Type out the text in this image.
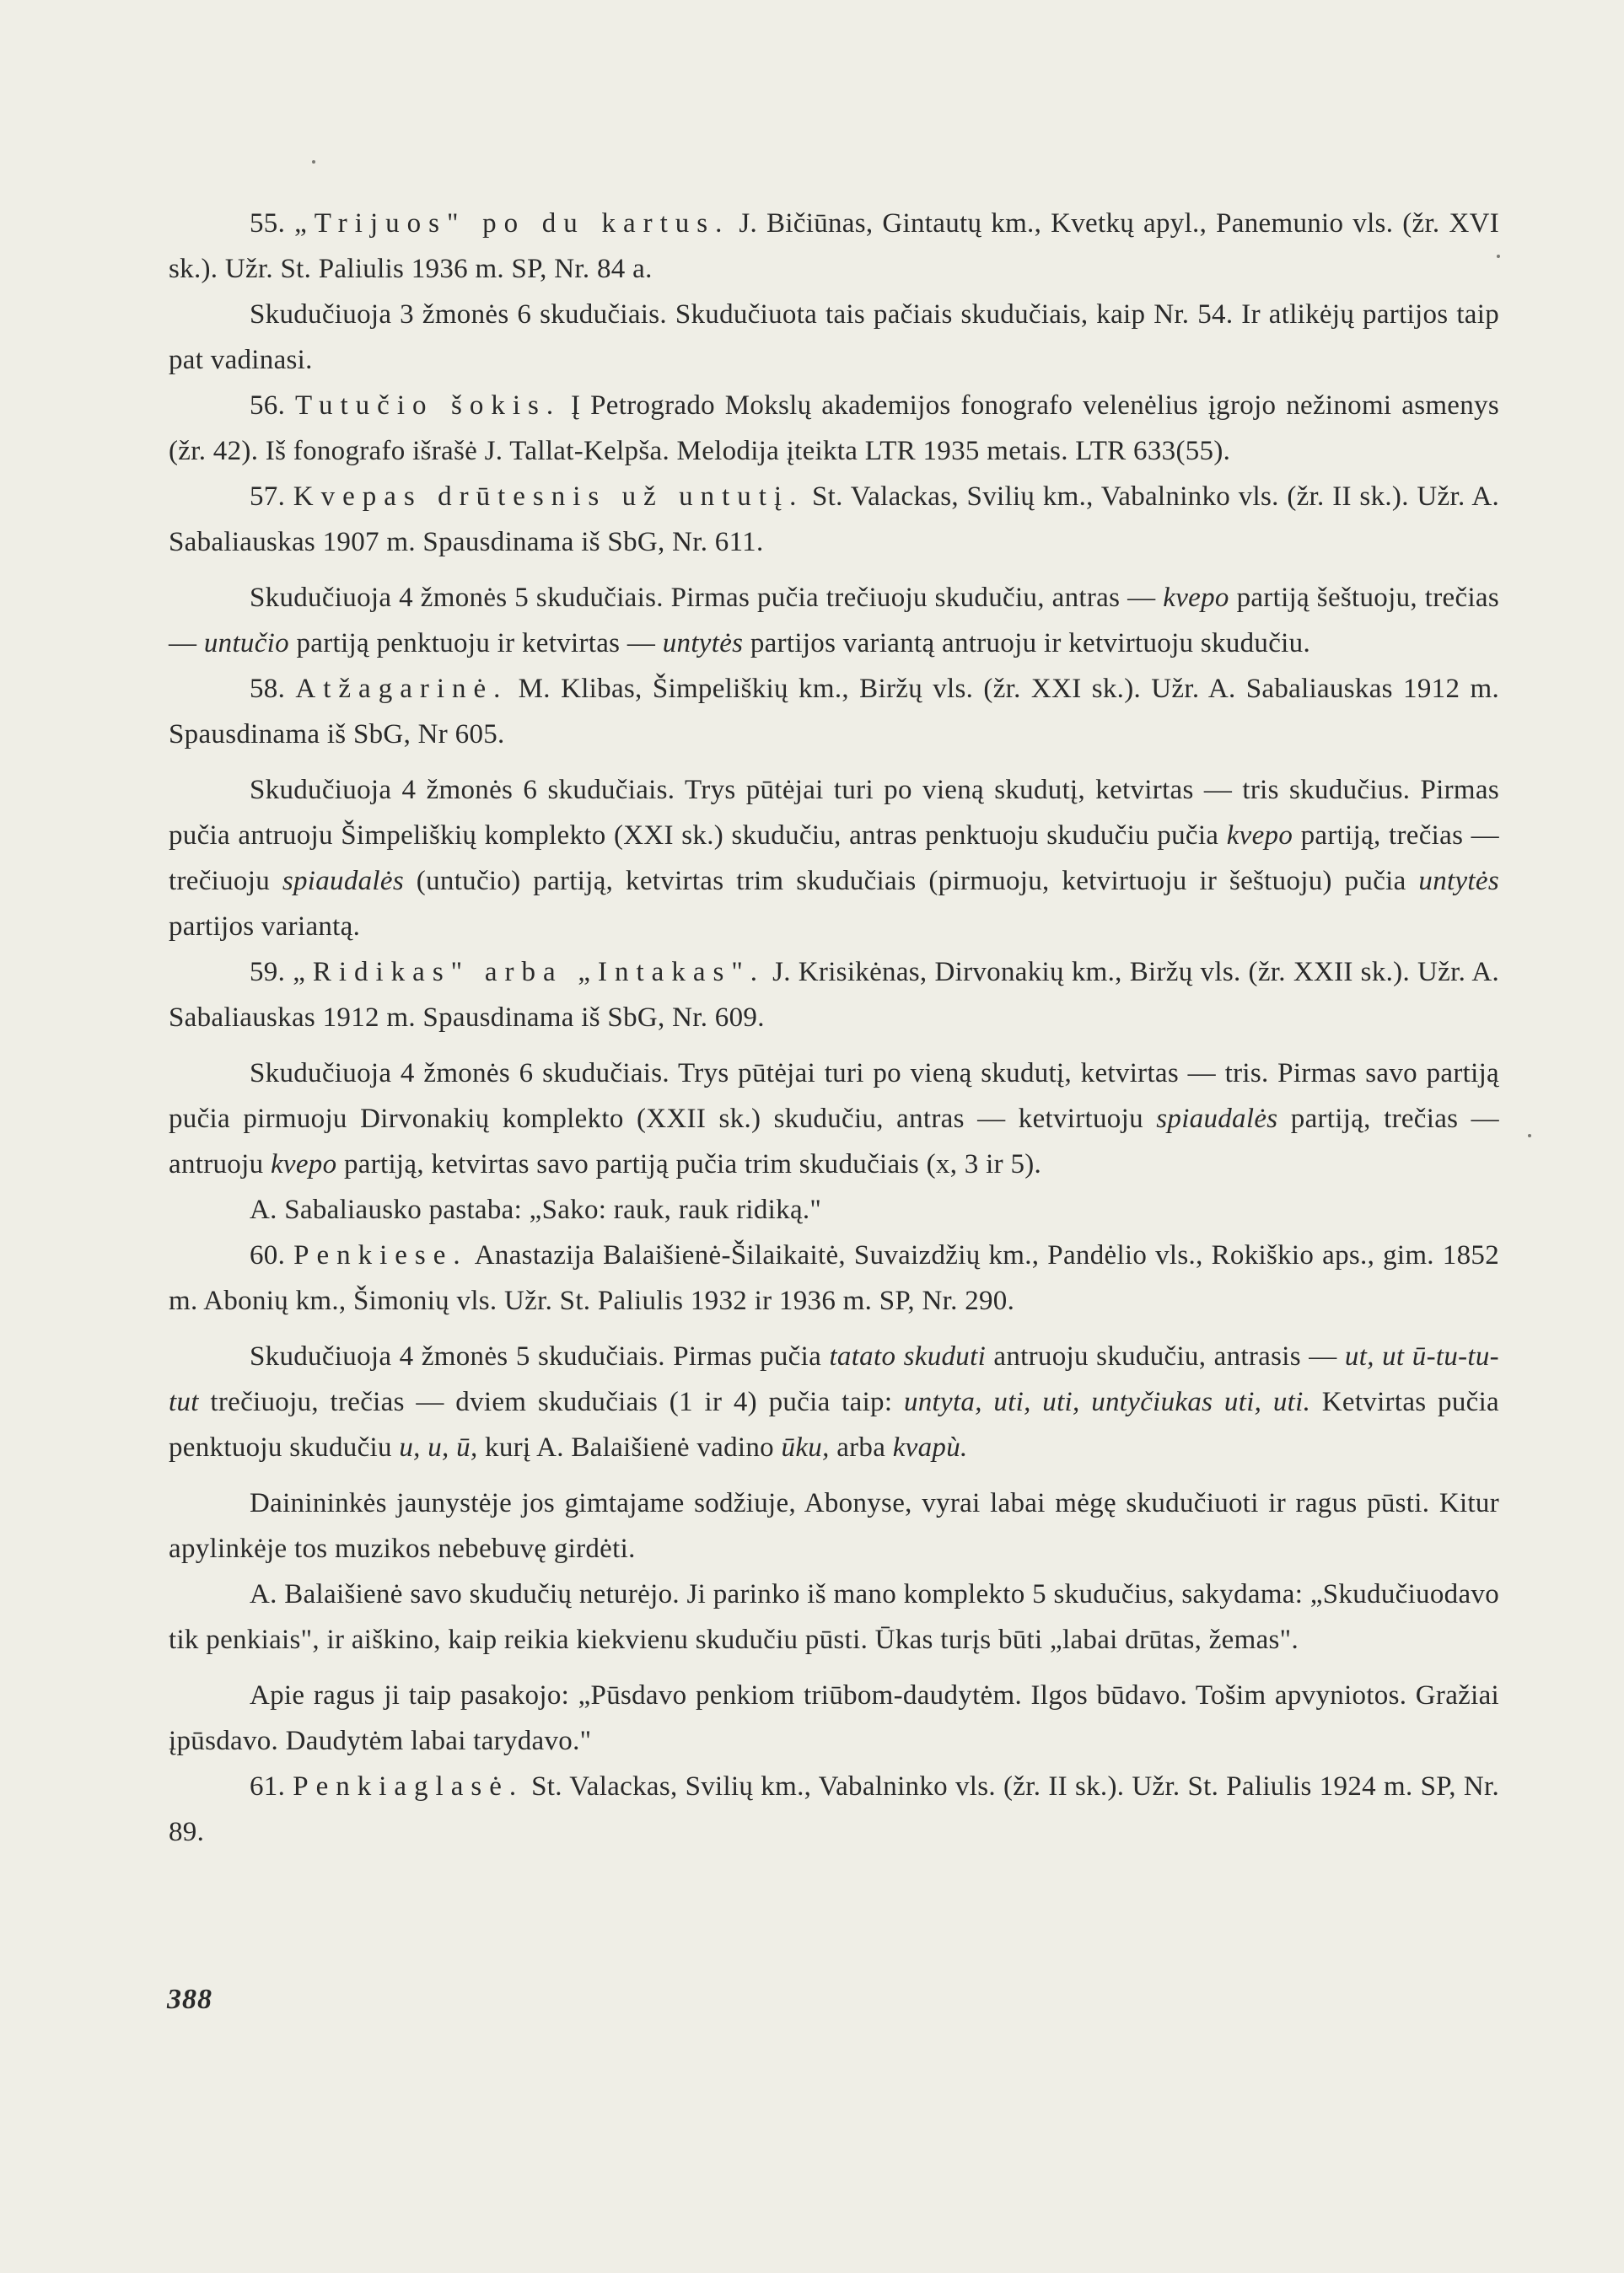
55. „Trijuos" po du kartus. J. Bičiūnas, Gintautų km., Kvetkų apyl., Panemunio vls. (žr. XVI sk.). Užr. St. Paliulis 1936 m. SP, Nr. 84 a.

Skudučiuoja 3 žmonės 6 skudučiais. Skudučiuota tais pačiais skudučiais, kaip Nr. 54. Ir atlikėjų partijos taip pat vadinasi.

56. Tutučio šokis. Į Petrogrado Mokslų akademijos fonografo velenėlius įgrojo nežinomi asmenys (žr. 42). Iš fonografo išrašė J. Tallat-Kelpša. Melodija įteikta LTR 1935 metais. LTR 633(55).

57. Kvepas drūtesnis už untutį. St. Valackas, Svilių km., Vabalninko vls. (žr. II sk.). Užr. A. Sabaliauskas 1907 m. Spausdinama iš SbG, Nr. 611.

Skudučiuoja 4 žmonės 5 skudučiais. Pirmas pučia trečiuoju skudučiu, antras — kvepo partiją šeštuoju, trečias — untučio partiją penktuoju ir ketvirtas — untytės partijos variantą antruoju ir ketvirtuoju skudučiu.

58. Atžagarinė. M. Klibas, Šimpeliškių km., Biržų vls. (žr. XXI sk.). Užr. A. Sabaliauskas 1912 m. Spausdinama iš SbG, Nr 605.

Skudučiuoja 4 žmonės 6 skudučiais. Trys pūtėjai turi po vieną skudutį, ketvirtas — tris skudučius. Pirmas pučia antruoju Šimpeliškių komplekto (XXI sk.) skudučiu, antras penktuoju skudučiu pučia kvepo partiją, trečias — trečiuoju spiaudalės (untučio) partiją, ketvirtas trim skudučiais (pirmuoju, ketvirtuoju ir šeštuoju) pučia untytės partijos variantą.

59. „Ridikas" arba „Intakas". J. Krisikėnas, Dirvonakių km., Biržų vls. (žr. XXII sk.). Užr. A. Sabaliauskas 1912 m. Spausdinama iš SbG, Nr. 609.

Skudučiuoja 4 žmonės 6 skudučiais. Trys pūtėjai turi po vieną skudutį, ketvirtas — tris. Pirmas savo partiją pučia pirmuoju Dirvonakių komplekto (XXII sk.) skudučiu, antras — ketvirtuoju spiaudalės partiją, trečias — antruoju kvepo partiją, ketvirtas savo partiją pučia trim skudučiais (x, 3 ir 5).

A. Sabaliausko pastaba: „Sako: rauk, rauk ridiką."

60. Penkiese. Anastazija Balaišienė-Šilaikaitė, Suvaizdžių km., Pandėlio vls., Rokiškio aps., gim. 1852 m. Abonių km., Šimonių vls. Užr. St. Paliulis 1932 ir 1936 m. SP, Nr. 290.

Skudučiuoja 4 žmonės 5 skudučiais. Pirmas pučia tatato skuduti antruoju skudučiu, antrasis — ut, ut ū-tu-tu-tut trečiuoju, trečias — dviem skudučiais (1 ir 4) pučia taip: untyta, uti, uti, untyčiukas uti, uti. Ketvirtas pučia penktuoju skudučiu u, u, ū, kurį A. Balaišienė vadino ūku, arba kvapù.

Dainininkės jaunystėje jos gimtajame sodžiuje, Abonyse, vyrai labai mėgę skudučiuoti ir ragus pūsti. Kitur apylinkėje tos muzikos nebebuvę girdėti.

A. Balaišienė savo skudučių neturėjo. Ji parinko iš mano komplekto 5 skudučius, sakydama: „Skudučiuodavo tik penkiais", ir aiškino, kaip reikia kiekvienu skudučiu pūsti. Ūkas turįs būti „labai drūtas, žemas".

Apie ragus ji taip pasakojo: „Pūsdavo penkiom triūbom-daudytėm. Ilgos būdavo. Tošim apvyniotos. Gražiai įpūsdavo. Daudytėm labai tarydavo."

61. Penkiaglasė. St. Valackas, Svilių km., Vabalninko vls. (žr. II sk.). Užr. St. Paliulis 1924 m. SP, Nr. 89.

388
